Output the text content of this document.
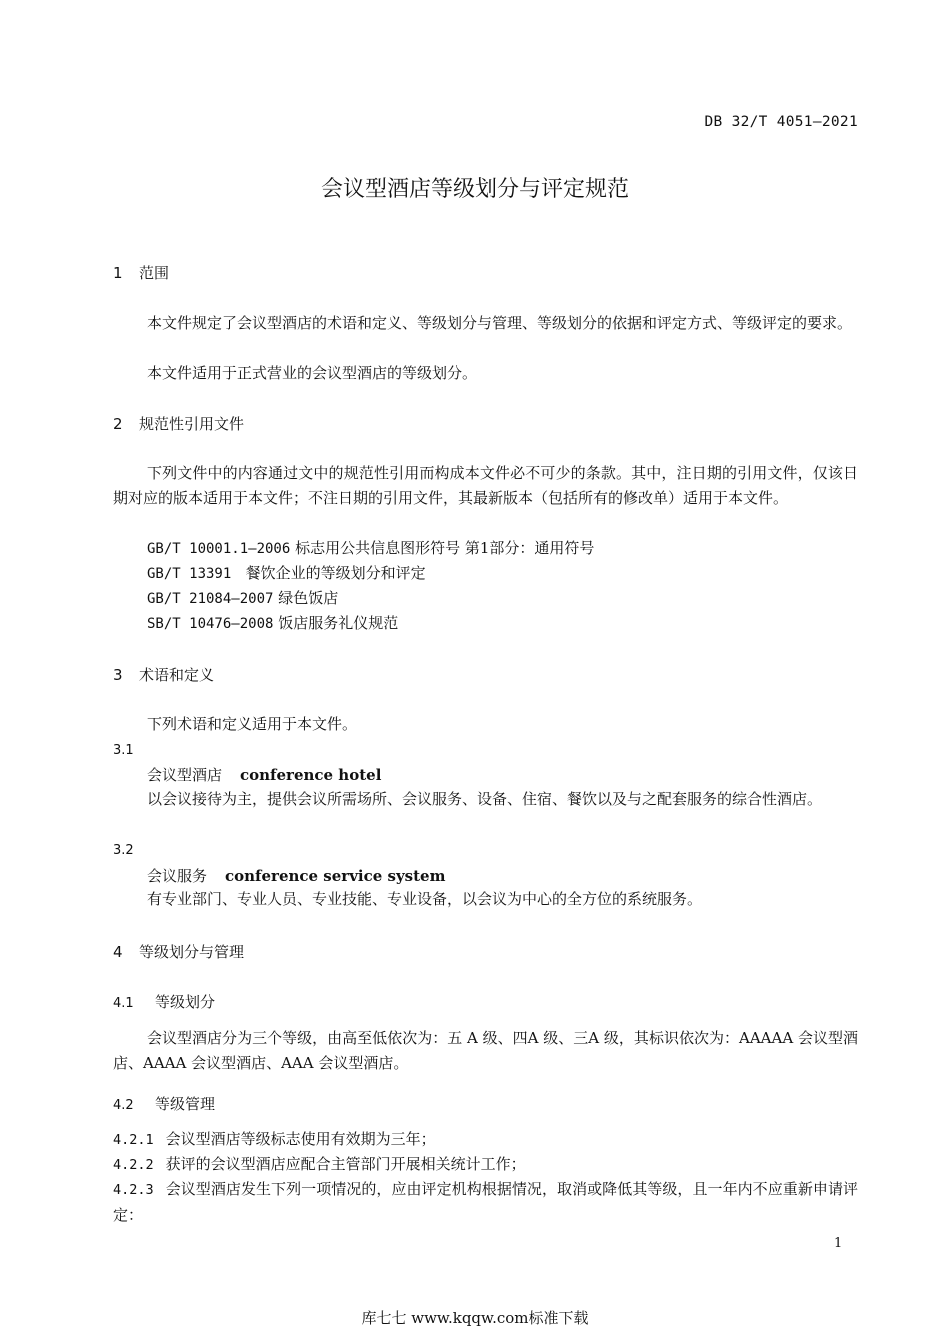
DB 32/T 4051—2021
会议型酒店等级划分与评定规范
1 范围
本文件规定了会议型酒店的术语和定义、等级划分与管理、等级划分的依据和评定方式、等级评定的要求。
本文件适用于正式营业的会议型酒店的等级划分。
2 规范性引用文件
下列文件中的内容通过文中的规范性引用而构成本文件必不可少的条款。其中，注日期的引用文件，仅该日期对应的版本适用于本文件；不注日期的引用文件，其最新版本（包括所有的修改单）适用于本文件。
GB/T 10001.1—2006 标志用公共信息图形符号 第1部分：通用符号
GB/T 13391 餐饮企业的等级划分和评定
GB/T 21084—2007 绿色饭店
SB/T 10476—2008 饭店服务礼仪规范
3 术语和定义
下列术语和定义适用于本文件。
3.1
会议型酒店 conference hotel
以会议接待为主，提供会议所需场所、会议服务、设备、住宿、餐饮以及与之配套服务的综合性酒店。
3.2
会议服务 conference service system
有专业部门、专业人员、专业技能、专业设备，以会议为中心的全方位的系统服务。
4 等级划分与管理
4.1 等级划分
会议型酒店分为三个等级，由高至低依次为：五 A 级、四A 级、三A 级，其标识依次为：AAAAA 会议型酒店、AAAA 会议型酒店、AAA 会议型酒店。
4.2 等级管理
4.2.1 会议型酒店等级标志使用有效期为三年；
4.2.2 获评的会议型酒店应配合主管部门开展相关统计工作；
4.2.3 会议型酒店发生下列一项情况的，应由评定机构根据情况，取消或降低其等级，且一年内不应重新申请评定：
1
库七七 www.kqqw.com标准下载
